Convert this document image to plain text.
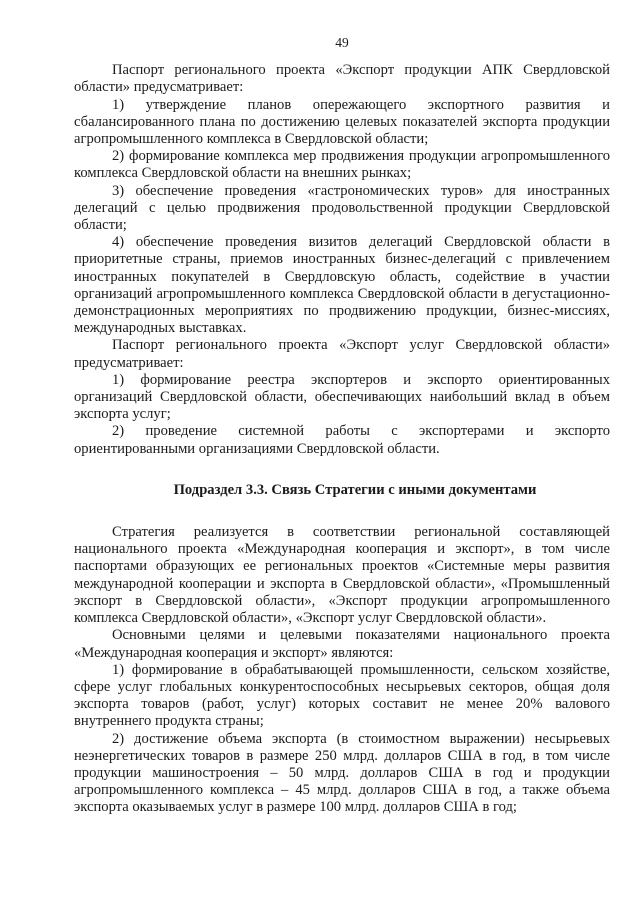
49

Паспорт регионального проекта «Экспорт продукции АПК Свердловской области» предусматривает:

1) утверждение планов опережающего экспортного развития и сбалансированного плана по достижению целевых показателей экспорта продукции агропромышленного комплекса в Свердловской области;

2) формирование комплекса мер продвижения продукции агропромышленного комплекса Свердловской области на внешних рынках;

3) обеспечение проведения «гастрономических туров» для иностранных делегаций с целью продвижения продовольственной продукции Свердловской области;

4) обеспечение проведения визитов делегаций Свердловской области в приоритетные страны, приемов иностранных бизнес-делегаций с привлечением иностранных покупателей в Свердловскую область, содействие в участии организаций агропромышленного комплекса Свердловской области в дегустационно-демонстрационных мероприятиях по продвижению продукции, бизнес-миссиях, международных выставках.

Паспорт регионального проекта «Экспорт услуг Свердловской области» предусматривает:

1) формирование реестра экспортеров и экспорто ориентированных организаций Свердловской области, обеспечивающих наибольший вклад в объем экспорта услуг;

2) проведение системной работы с экспортерами и экспорто ориентированными организациями Свердловской области.

Подраздел 3.3. Связь Стратегии с иными документами

Стратегия реализуется в соответствии региональной составляющей национального проекта «Международная кооперация и экспорт», в том числе паспортами образующих ее региональных проектов «Системные меры развития международной кооперации и экспорта в Свердловской области», «Промышленный экспорт в Свердловской области», «Экспорт продукции агропромышленного комплекса Свердловской области», «Экспорт услуг Свердловской области».

Основными целями и целевыми показателями национального проекта «Международная кооперация и экспорт» являются:

1) формирование в обрабатывающей промышленности, сельском хозяйстве, сфере услуг глобальных конкурентоспособных несырьевых секторов, общая доля экспорта товаров (работ, услуг) которых составит не менее 20% валового внутреннего продукта страны;

2) достижение объема экспорта (в стоимостном выражении) несырьевых неэнергетических товаров в размере 250 млрд. долларов США в год, в том числе продукции машиностроения – 50 млрд. долларов США в год и продукции агропромышленного комплекса – 45 млрд. долларов США в год, а также объема экспорта оказываемых услуг в размере 100 млрд. долларов США в год;
